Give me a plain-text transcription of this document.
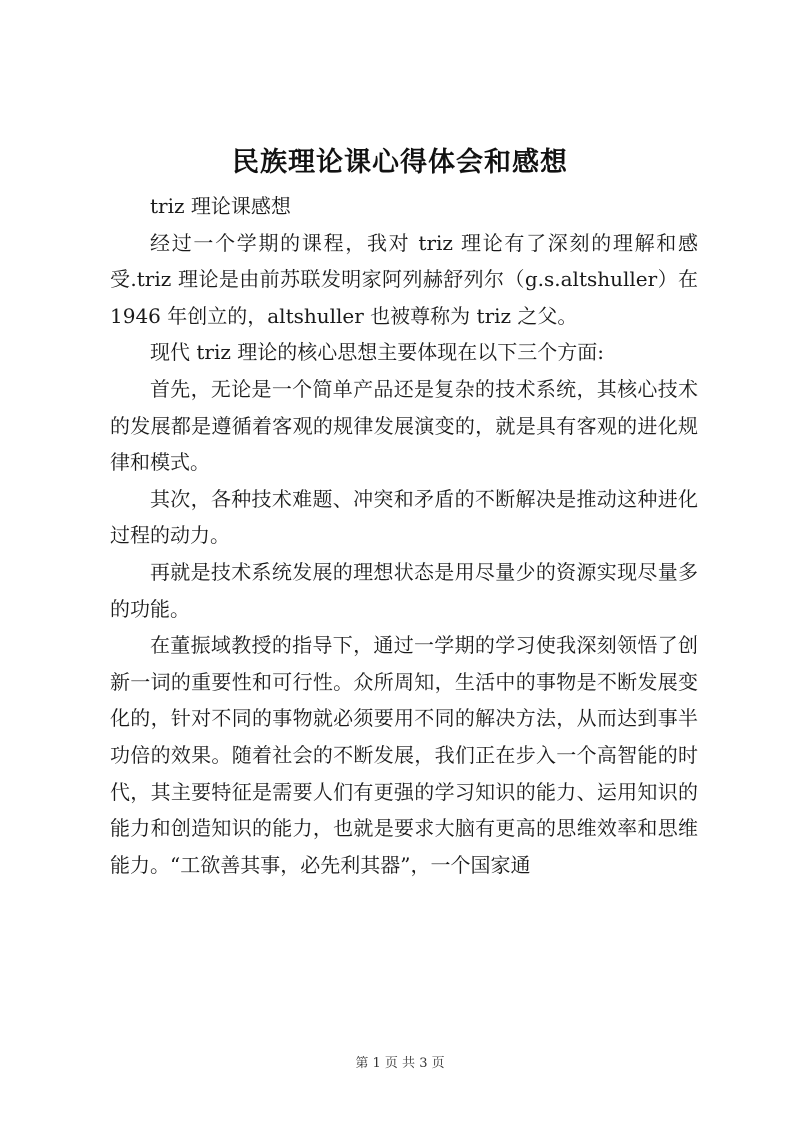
民族理论课心得体会和感想

triz 理论课感想

经过一个学期的课程，我对 triz 理论有了深刻的理解和感受.triz 理论是由前苏联发明家阿列赫舒列尔（g.s.altshuller）在 1946 年创立的，altshuller 也被尊称为 triz 之父。

现代 triz 理论的核心思想主要体现在以下三个方面:

首先，无论是一个简单产品还是复杂的技术系统，其核心技术的发展都是遵循着客观的规律发展演变的，就是具有客观的进化规律和模式。

其次，各种技术难题、冲突和矛盾的不断解决是推动这种进化过程的动力。

再就是技术系统发展的理想状态是用尽量少的资源实现尽量多的功能。

在董振域教授的指导下，通过一学期的学习使我深刻领悟了创新一词的重要性和可行性。众所周知，生活中的事物是不断发展变化的，针对不同的事物就必须要用不同的解决方法，从而达到事半功倍的效果。随着社会的不断发展，我们正在步入一个高智能的时代，其主要特征是需要人们有更强的学习知识的能力、运用知识的能力和创造知识的能力，也就是要求大脑有更高的思维效率和思维能力。“工欲善其事，必先利其器”，一个国家通

第 1 页 共 3 页
